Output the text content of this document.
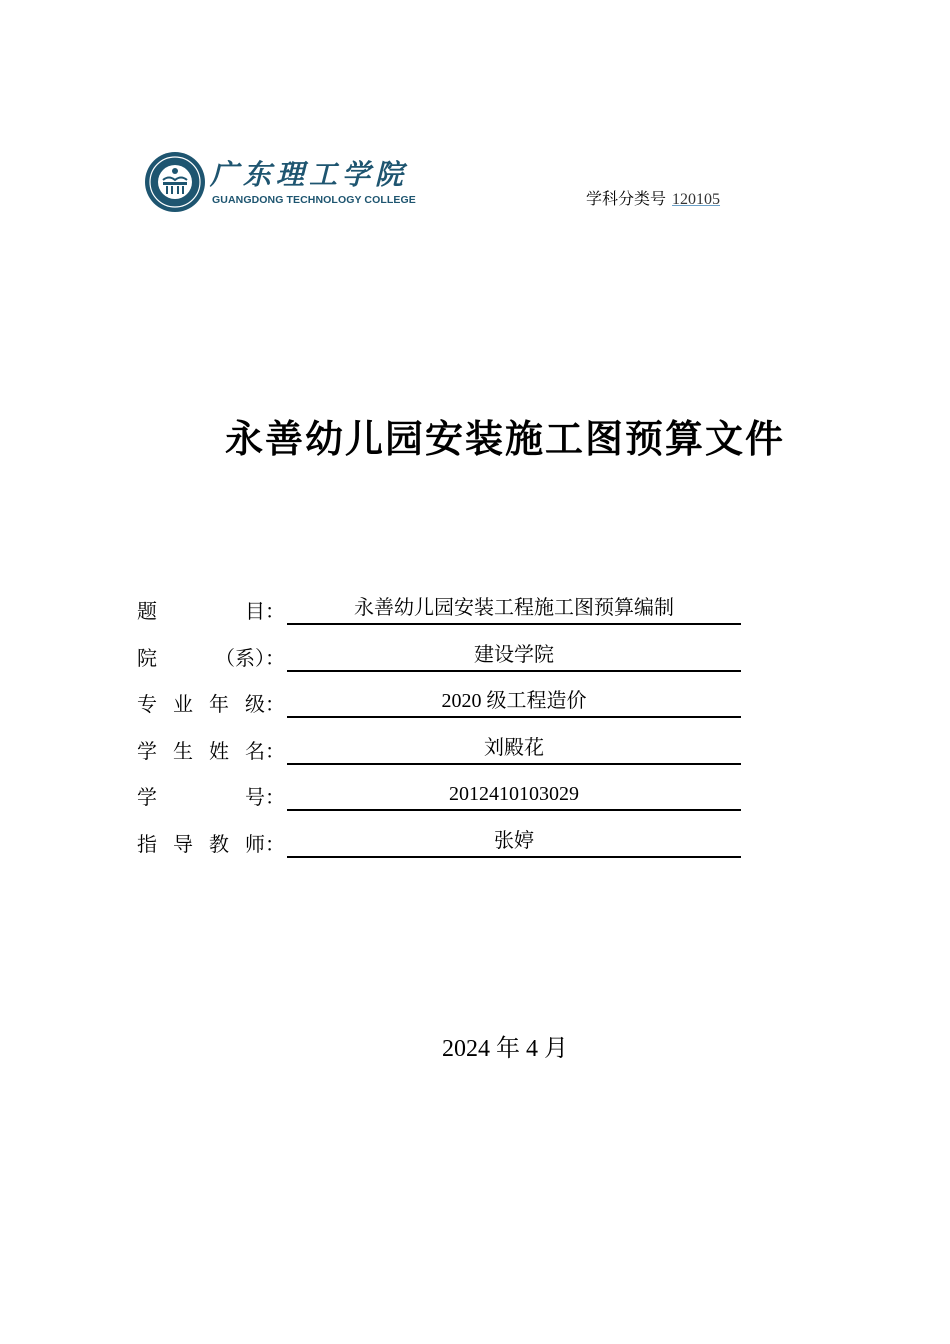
广东理工学院
GUANGDONG TECHNOLOGY COLLEGE	学科分类号 120105
永善幼儿园安装施工图预算文件
题	目：	永善幼儿园安装工程施工图预算编制
院	（系）：	建设学院
专 业 年 级：	2020 级工程造价
学 生 姓 名：	刘殿花
学	号：	2012410103029
指 导 教 师：	张婷
2024 年 4 月
